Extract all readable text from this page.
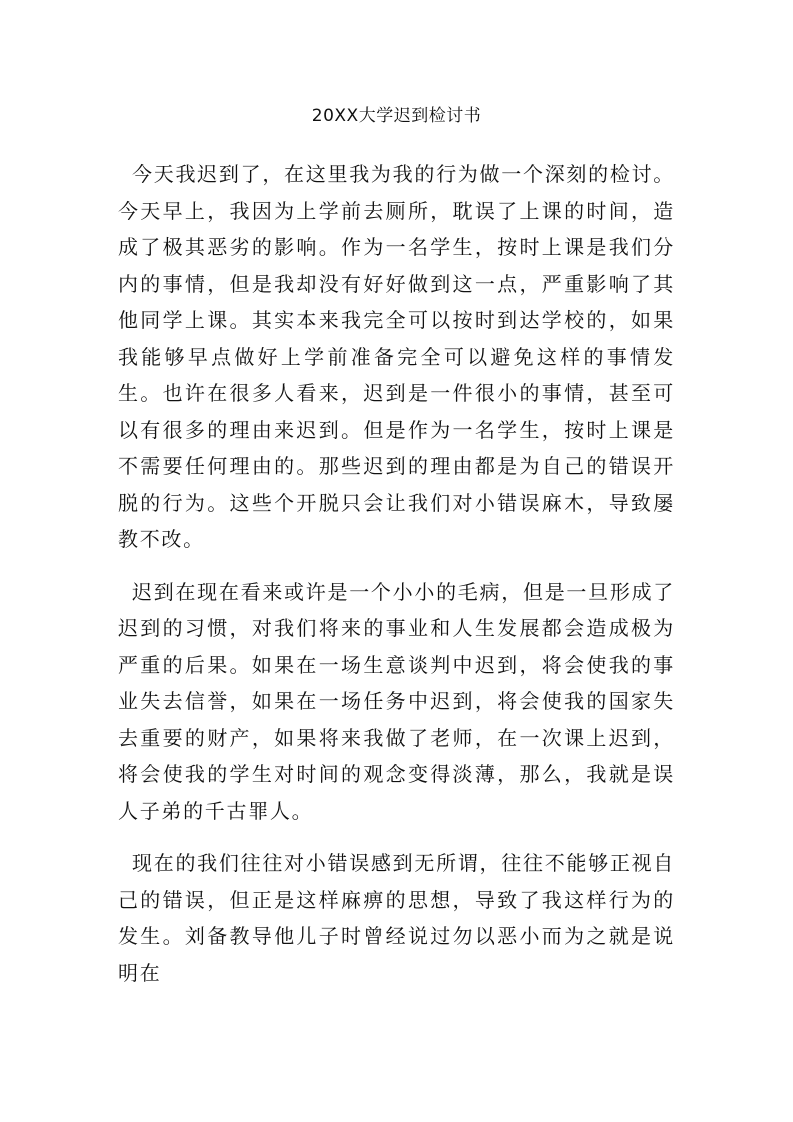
20XX大学迟到检讨书

今天我迟到了，在这里我为我的行为做一个深刻的检讨。今天早上，我因为上学前去厕所，耽误了上课的时间，造成了极其恶劣的影响。作为一名学生，按时上课是我们分内的事情，但是我却没有好好做到这一点，严重影响了其他同学上课。其实本来我完全可以按时到达学校的，如果我能够早点做好上学前准备完全可以避免这样的事情发生。也许在很多人看来，迟到是一件很小的事情，甚至可以有很多的理由来迟到。但是作为一名学生，按时上课是不需要任何理由的。那些迟到的理由都是为自己的错误开脱的行为。这些个开脱只会让我们对小错误麻木，导致屡教不改。

迟到在现在看来或许是一个小小的毛病，但是一旦形成了迟到的习惯，对我们将来的事业和人生发展都会造成极为严重的后果。如果在一场生意谈判中迟到，将会使我的事业失去信誉，如果在一场任务中迟到，将会使我的国家失去重要的财产，如果将来我做了老师，在一次课上迟到，将会使我的学生对时间的观念变得淡薄，那么，我就是误人子弟的千古罪人。

现在的我们往往对小错误感到无所谓，往往不能够正视自己的错误，但正是这样麻痹的思想，导致了我这样行为的发生。刘备教导他儿子时曾经说过勿以恶小而为之就是说明在
